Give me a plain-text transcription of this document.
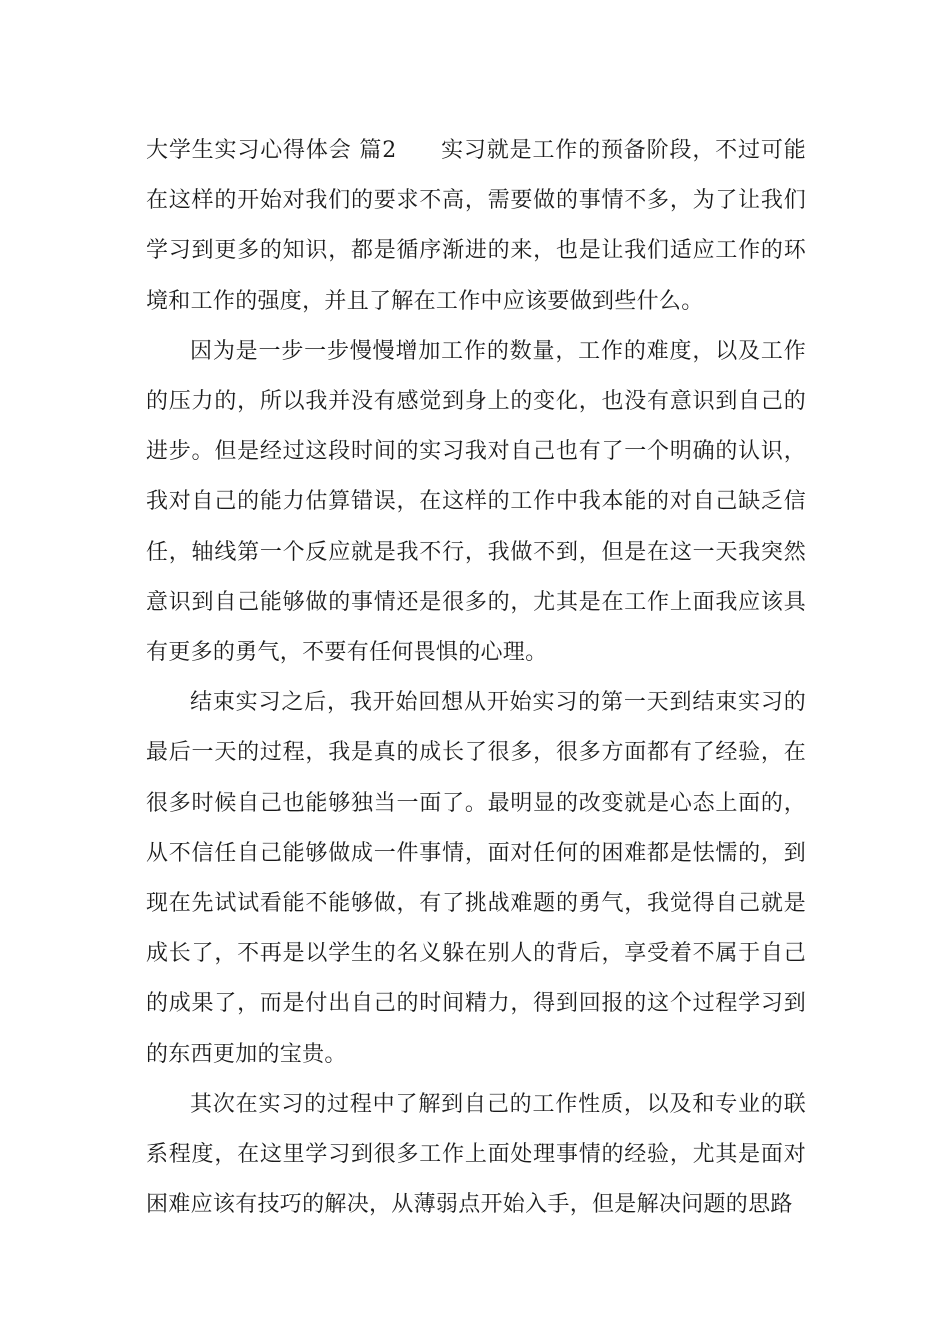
大学生实习心得体会 篇2 实习就是工作的预备阶段，不过可能在这样的开始对我们的要求不高，需要做的事情不多，为了让我们学习到更多的知识，都是循序渐进的来，也是让我们适应工作的环境和工作的强度，并且了解在工作中应该要做到些什么。

因为是一步一步慢慢增加工作的数量，工作的难度，以及工作的压力的，所以我并没有感觉到身上的变化，也没有意识到自己的进步。但是经过这段时间的实习我对自己也有了一个明确的认识，我对自己的能力估算错误，在这样的工作中我本能的对自己缺乏信任，轴线第一个反应就是我不行，我做不到，但是在这一天我突然意识到自己能够做的事情还是很多的，尤其是在工作上面我应该具有更多的勇气，不要有任何畏惧的心理。

结束实习之后，我开始回想从开始实习的第一天到结束实习的最后一天的过程，我是真的成长了很多，很多方面都有了经验，在很多时候自己也能够独当一面了。最明显的改变就是心态上面的，从不信任自己能够做成一件事情，面对任何的困难都是怯懦的，到现在先试试看能不能够做，有了挑战难题的勇气，我觉得自己就是成长了，不再是以学生的名义躲在别人的背后，享受着不属于自己的成果了，而是付出自己的时间精力，得到回报的这个过程学习到的东西更加的宝贵。

其次在实习的过程中了解到自己的工作性质，以及和专业的联系程度，在这里学习到很多工作上面处理事情的经验，尤其是面对困难应该有技巧的解决，从薄弱点开始入手，但是解决问题的思路
